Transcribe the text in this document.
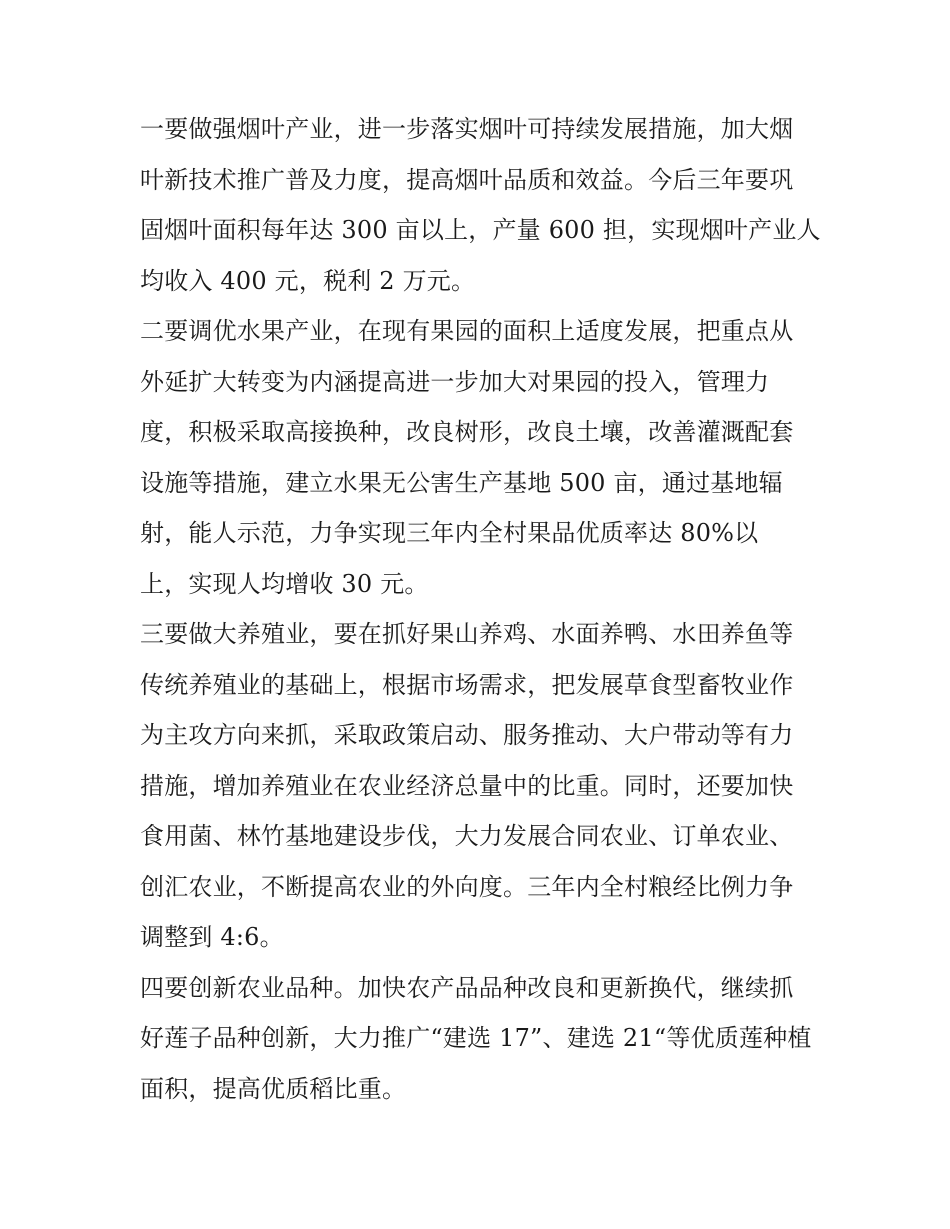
一要做强烟叶产业，进一步落实烟叶可持续发展措施，加大烟
叶新技术推广普及力度，提高烟叶品质和效益。今后三年要巩
固烟叶面积每年达 300 亩以上，产量 600 担，实现烟叶产业人
均收入 400 元，税利 2 万元。
二要调优水果产业，在现有果园的面积上适度发展，把重点从
外延扩大转变为内涵提高进一步加大对果园的投入，管理力
度，积极采取高接换种，改良树形，改良土壤，改善灌溉配套
设施等措施，建立水果无公害生产基地 500 亩，通过基地辐
射，能人示范，力争实现三年内全村果品优质率达 80%以
上，实现人均增收 30 元。
三要做大养殖业，要在抓好果山养鸡、水面养鸭、水田养鱼等
传统养殖业的基础上，根据市场需求，把发展草食型畜牧业作
为主攻方向来抓，采取政策启动、服务推动、大户带动等有力
措施，增加养殖业在农业经济总量中的比重。同时，还要加快
食用菌、林竹基地建设步伐，大力发展合同农业、订单农业、
创汇农业，不断提高农业的外向度。三年内全村粮经比例力争
调整到 4:6。
四要创新农业品种。加快农产品品种改良和更新换代，继续抓
好莲子品种创新，大力推广“建选 17”、建选 21“等优质莲种植
面积，提高优质稻比重。
